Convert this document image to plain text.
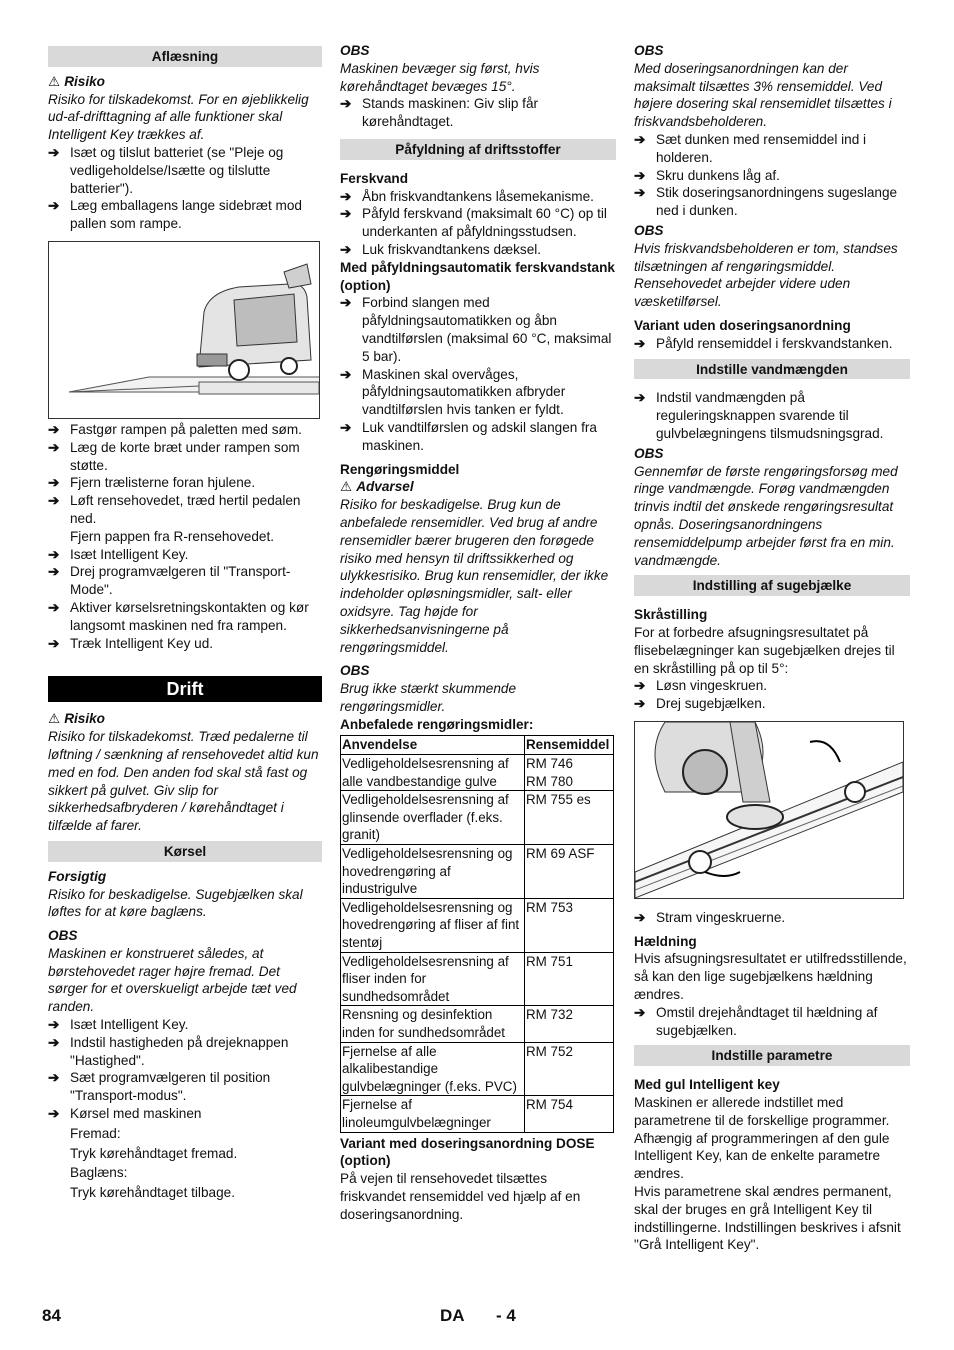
Aflæsning
⚠ Risiko
Risiko for tilskadekomst. For en øjeblikkelig ud-af-drifttagning af alle funktioner skal Intelligent Key trækkes af.
➔ Isæt og tilslut batteriet (se "Pleje og vedligeholdelse/Isætte og tilslutte batterier").
➔ Læg emballagens lange sidebræt mod pallen som rampe.
➔ Fastgør rampen på paletten med søm.
➔ Læg de korte bræt under rampen som støtte.
➔ Fjern trælisterne foran hjulene.
➔ Løft rensehovedet, træd hertil pedalen ned.
Fjern pappen fra R-rensehovedet.
➔ Isæt Intelligent Key.
➔ Drej programvælgeren til "Transport-Mode".
➔ Aktiver kørselsretningskontakten og kør langsomt maskinen ned fra rampen.
➔ Træk Intelligent Key ud.
Drift
⚠ Risiko
Risiko for tilskadekomst. Træd pedalerne til løftning / sænkning af rensehovedet altid kun med en fod. Den anden fod skal stå fast og sikkert på gulvet. Giv slip for sikkerhedsafbryderen / kørehåndtaget i tilfælde af farer.
Kørsel
Forsigtig
Risiko for beskadigelse. Sugebjælken skal løftes for at køre baglæns.
OBS
Maskinen er konstrueret således, at børstehovedet rager højre fremad. Det sørger for et overskueligt arbejde tæt ved randen.
➔ Isæt Intelligent Key.
➔ Indstil hastigheden på drejeknappen "Hastighed".
➔ Sæt programvælgeren til position "Transport-modus".
➔ Kørsel med maskinen
Fremad:
Tryk kørehåndtaget fremad.
Baglæns:
Tryk kørehåndtaget tilbage.
OBS
Maskinen bevæger sig først, hvis kørehåndtaget bevæges 15°.
➔ Stands maskinen: Giv slip får kørehåndtaget.
Påfyldning af driftsstoffer
Ferskvand
➔ Åbn friskvandtankens låsemekanisme.
➔ Påfyld ferskvand (maksimalt 60 °C) op til underkanten af påfyldningsstudsen.
➔ Luk friskvandtankens dæksel.
Med påfyldningsautomatik ferskvandstank (option)
➔ Forbind slangen med påfyldningsautomatikken og åbn vandtilførslen (maksimal 60 °C, maksimal 5 bar).
➔ Maskinen skal overvåges, påfyldningsautomatikken afbryder vandtilførslen hvis tanken er fyldt.
➔ Luk vandtilførslen og adskil slangen fra maskinen.
Rengøringsmiddel
⚠ Advarsel
Risiko for beskadigelse. Brug kun de anbefalede rensemidler. Ved brug af andre rensemidler bærer brugeren den forøgede risiko med hensyn til driftssikkerhed og ulykkesrisiko. Brug kun rensemidler, der ikke indeholder opløsningsmidler, salt- eller oxidsyre. Tag højde for sikkerhedsanvisningerne på rengøringsmiddel.
OBS
Brug ikke stærkt skummende rengøringsmidler.
Anbefalede rengøringsmidler:
Anvendelse	Rensemiddel
Vedligeholdelsesrensning af alle vandbestandige gulve	RM 746
RM 780
Vedligeholdelsesrensning af glinsende overflader (f.eks. granit)	RM 755 es
Vedligeholdelsesrensning og hovedrengøring af industrigulve	RM 69 ASF
Vedligeholdelsesrensning og hovedrengøring af fliser af fint stentøj	RM 753
Vedligeholdelsesrensning af fliser inden for sundhedsområdet	RM 751
Rensning og desinfektion inden for sundhedsområdet	RM 732
Fjernelse af alle alkalibestandige gulvbelægninger (f.eks. PVC)	RM 752
Fjernelse af linoleumgulvbelægninger	RM 754
Variant med doseringsanordning DOSE (option)
På vejen til rensehovedet tilsættes friskvandet rensemiddel ved hjælp af en doseringsanordning.
OBS
Med doseringsanordningen kan der maksimalt tilsættes 3% rensemiddel. Ved højere dosering skal rensemidlet tilsættes i friskvandsbeholderen.
➔ Sæt dunken med rensemiddel ind i holderen.
➔ Skru dunkens låg af.
➔ Stik doseringsanordningens sugeslange ned i dunken.
OBS
Hvis friskvandsbeholderen er tom, standses tilsætningen af rengøringsmiddel. Rensehovedet arbejder videre uden væsketilførsel.
Variant uden doseringsanordning
➔ Påfyld rensemiddel i ferskvandstanken.
Indstille vandmængden
➔ Indstil vandmængden på reguleringsknappen svarende til gulvbelægningens tilsmudsningsgrad.
OBS
Gennemfør de første rengøringsforsøg med ringe vandmængde. Forøg vandmængden trinvis indtil det ønskede rengøringsresultat opnås. Doseringsanordningens rensemiddelpump arbejder først fra en min. vandmængde.
Indstilling af sugebjælke
Skråstilling
For at forbedre afsugningsresultatet på flisebelægninger kan sugebjælken drejes til en skråstilling på op til 5°:
➔ Løsn vingeskruen.
➔ Drej sugebjælken.
➔ Stram vingeskruerne.
Hældning
Hvis afsugningsresultatet er utilfredsstillende, så kan den lige sugebjælkens hældning ændres.
➔ Omstil drejehåndtaget til hældning af sugebjælken.
Indstille parametre
Med gul Intelligent key
Maskinen er allerede indstillet med parametrene til de forskellige programmer. Afhængig af programmeringen af den gule Intelligent Key, kan de enkelte parametre ændres.
Hvis parametrene skal ændres permanent, skal der bruges en grå Intelligent Key til indstillingerne. Indstillingen beskrives i afsnit "Grå Intelligent Key".
84	DA - 4
